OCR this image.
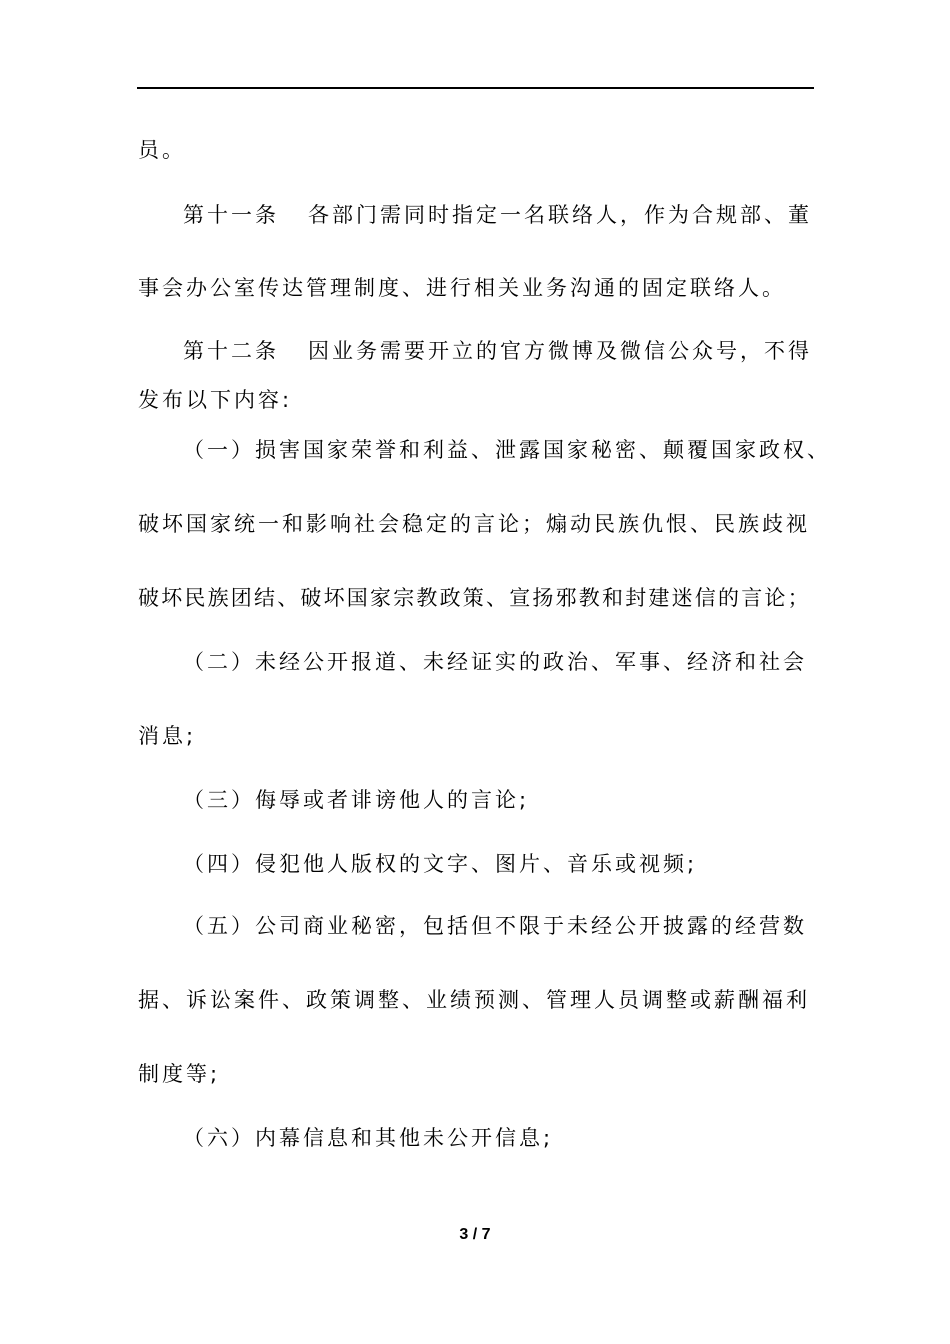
员。
第十一条   各部门需同时指定一名联络人，作为合规部、董
事会办公室传达管理制度、进行相关业务沟通的固定联络人。
第十二条   因业务需要开立的官方微博及微信公众号，不得
发布以下内容:
（一）损害国家荣誉和利益、泄露国家秘密、颠覆国家政权、
破坏国家统一和影响社会稳定的言论；煽动民族仇恨、民族歧视
破坏民族团结、破坏国家宗教政策、宣扬邪教和封建迷信的言论；
（二）未经公开报道、未经证实的政治、军事、经济和社会
消息;
（三）侮辱或者诽谤他人的言论;
（四）侵犯他人版权的文字、图片、音乐或视频;
（五）公司商业秘密，包括但不限于未经公开披露的经营数
据、诉讼案件、政策调整、业绩预测、管理人员调整或薪酬福利
制度等;
（六）内幕信息和其他未公开信息;
3 / 7
